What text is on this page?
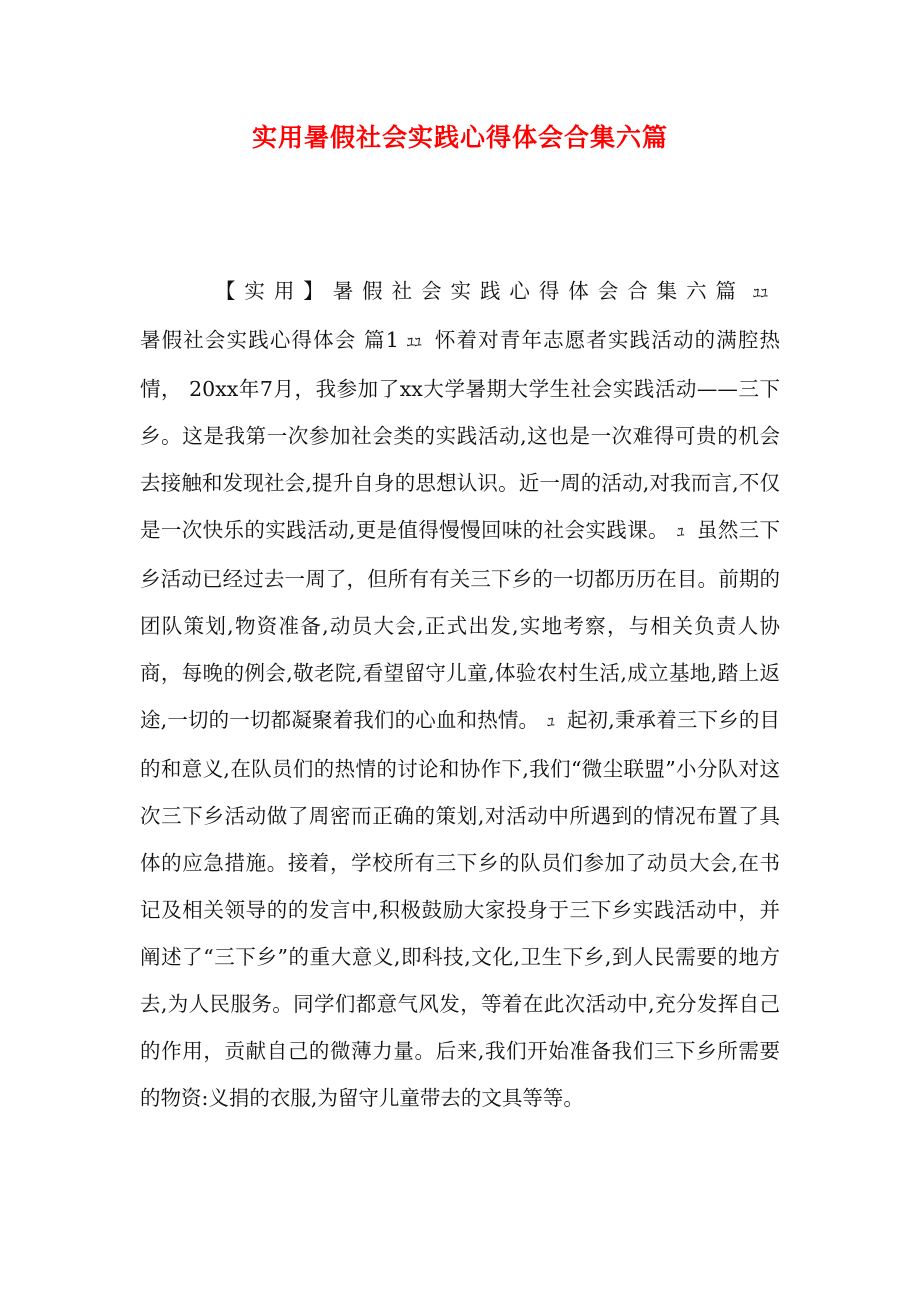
实用暑假社会实践心得体会合集六篇

【实用】暑假社会实践心得体会合集六篇 ﾕﾕ暑假社会实践心得体会 篇1 ﾕﾕ 怀着对青年志愿者实践活动的满腔热情， 20xx年7月，我参加了xx大学暑期大学生社会实践活动——三下乡。这是我第一次参加社会类的实践活动,这也是一次难得可贵的机会去接触和发现社会,提升自身的思想认识。近一周的活动,对我而言,不仅是一次快乐的实践活动,更是值得慢慢回味的社会实践课。 ﾕ 虽然三下乡活动已经过去一周了，但所有有关三下乡的一切都历历在目。前期的团队策划,物资准备,动员大会,正式出发,实地考察，与相关负责人协商，每晚的例会,敬老院,看望留守儿童,体验农村生活,成立基地,踏上返途,一切的一切都凝聚着我们的心血和热情。 ﾕ 起初,秉承着三下乡的目的和意义,在队员们的热情的讨论和协作下,我们“微尘联盟”小分队对这次三下乡活动做了周密而正确的策划,对活动中所遇到的情况布置了具体的应急措施。接着，学校所有三下乡的队员们参加了动员大会,在书记及相关领导的的发言中,积极鼓励大家投身于三下乡实践活动中，并阐述了“三下乡”的重大意义,即科技,文化,卫生下乡,到人民需要的地方去,为人民服务。同学们都意气风发，等着在此次活动中,充分发挥自己的作用，贡献自己的微薄力量。后来,我们开始准备我们三下乡所需要的物资:义捐的衣服,为留守儿童带去的文具等等。
